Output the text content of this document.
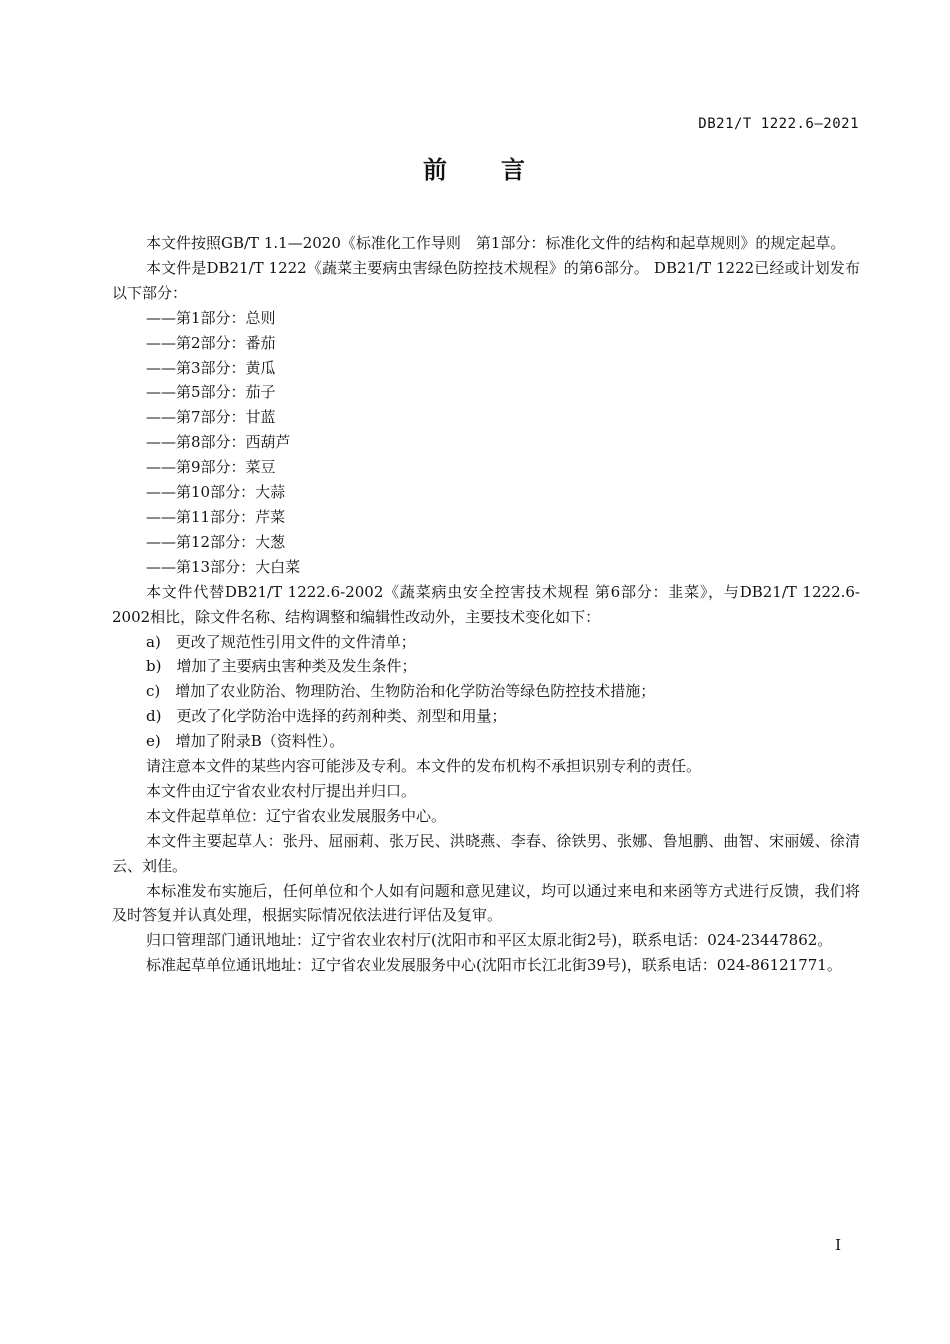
DB21/T 1222.6—2021
前　　言

本文件按照GB/T 1.1—2020《标准化工作导则　第1部分：标准化文件的结构和起草规则》的规定起草。

本文件是DB21/T 1222《蔬菜主要病虫害绿色防控技术规程》的第6部分。 DB21/T 1222已经或计划发布以下部分：

——第1部分：总则

——第2部分：番茄

——第3部分：黄瓜

——第5部分：茄子

——第7部分：甘蓝

——第8部分：西葫芦

——第9部分：菜豆

——第10部分：大蒜

——第11部分：芹菜

——第12部分：大葱

——第13部分：大白菜

本文件代替DB21/T 1222.6-2002《蔬菜病虫安全控害技术规程 第6部分：韭菜》，与DB21/T 1222.6-2002相比，除文件名称、结构调整和编辑性改动外，主要技术变化如下：

a)　更改了规范性引用文件的文件清单；

b)　增加了主要病虫害种类及发生条件；

c)　增加了农业防治、物理防治、生物防治和化学防治等绿色防控技术措施；

d)　更改了化学防治中选择的药剂种类、剂型和用量；

e)　增加了附录B（资料性）。

请注意本文件的某些内容可能涉及专利。本文件的发布机构不承担识别专利的责任。

本文件由辽宁省农业农村厅提出并归口。

本文件起草单位：辽宁省农业发展服务中心。

本文件主要起草人：张丹、屈丽莉、张万民、洪晓燕、李春、徐铁男、张娜、鲁旭鹏、曲智、宋丽媛、徐清云、刘佳。

本标准发布实施后，任何单位和个人如有问题和意见建议，均可以通过来电和来函等方式进行反馈，我们将及时答复并认真处理，根据实际情况依法进行评估及复审。

归口管理部门通讯地址：辽宁省农业农村厅(沈阳市和平区太原北街2号)，联系电话：024-23447862。

标准起草单位通讯地址：辽宁省农业发展服务中心(沈阳市长江北街39号)，联系电话：024-86121771。

I
